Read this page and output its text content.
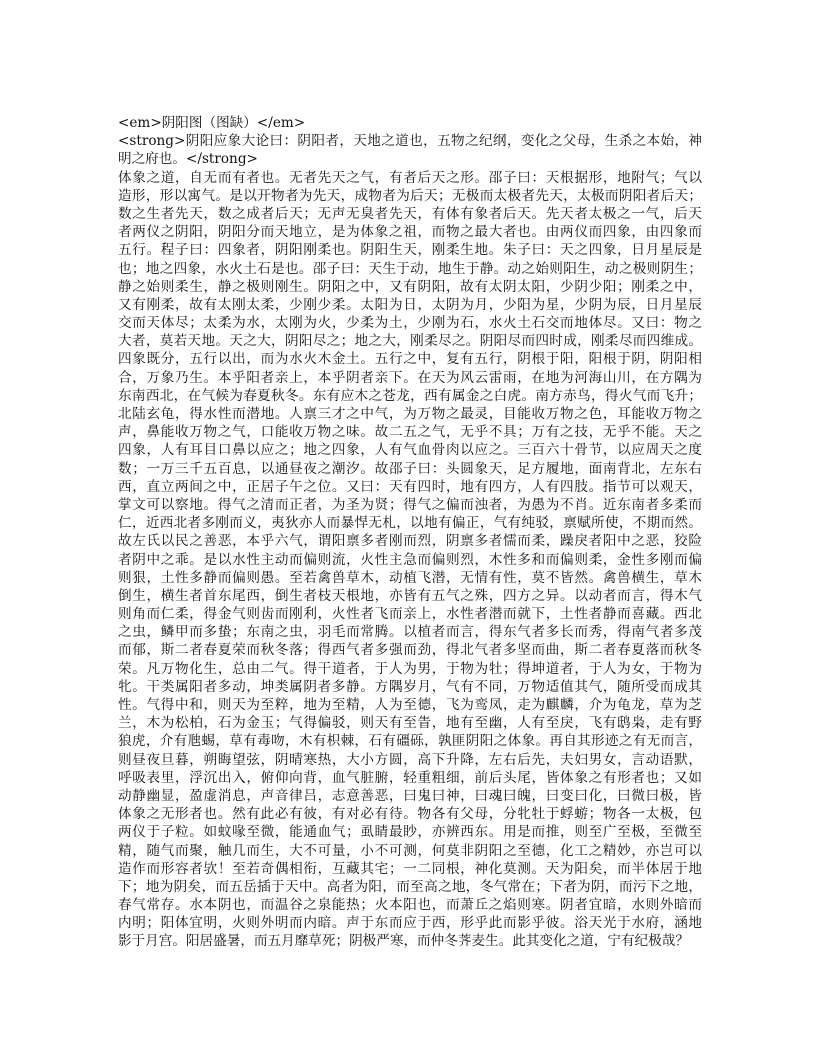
<em>阴阳图（图缺）</em>
<strong>阴阳应象大论曰：阴阳者，天地之道也，五物之纪纲，变化之父母，生杀之本始，神
明之府也。</strong>
体象之道，自无而有者也。无者先天之气，有者后天之形。邵子曰：天根据形，地附气；气以
造形，形以寓气。是以开物者为先天，成物者为后天；无极而太极者先天，太极而阴阳者后天；
数之生者先天，数之成者后天；无声无臭者先天，有体有象者后天。先天者太极之一气，后天
者两仪之阴阳，阴阳分而天地立，是为体象之祖，而物之最大者也。由两仪而四象，由四象而
五行。程子曰：四象者，阴阳刚柔也。阴阳生天，刚柔生地。朱子曰：天之四象，日月星辰是
也；地之四象，水火土石是也。邵子曰：天生于动，地生于静。动之始则阳生，动之极则阴生；
静之始则柔生，静之极则刚生。阴阳之中，又有阴阳，故有太阴太阳，少阴少阳；刚柔之中，
又有刚柔，故有太刚太柔，少刚少柔。太阳为日，太阴为月，少阳为星，少阴为辰，日月星辰
交而天体尽；太柔为水，太刚为火，少柔为土，少刚为石，水火土石交而地体尽。又曰：物之
大者，莫若天地。天之大，阴阳尽之；地之大，刚柔尽之。阴阳尽而四时成，刚柔尽而四维成。
四象既分，五行以出，而为水火木金土。五行之中，复有五行，阴根于阳，阳根于阴，阴阳相
合，万象乃生。本乎阳者亲上，本乎阴者亲下。在天为风云雷雨，在地为河海山川，在方隅为
东南西北，在气候为春夏秋冬。东有应木之苍龙，西有属金之白虎。南方赤鸟，得火气而飞升；
北陆玄龟，得水性而潜地。人禀三才之中气，为万物之最灵，目能收万物之色，耳能收万物之
声，鼻能收万物之气，口能收万物之味。故二五之气，无乎不具；万有之技，无乎不能。天之
四象，人有耳目口鼻以应之；地之四象，人有气血骨肉以应之。三百六十骨节，以应周天之度
数；一万三千五百息，以通昼夜之潮汐。故邵子曰：头圆象天，足方履地，面南背北，左东右
西，直立两间之中，正居子午之位。又曰：天有四时，地有四方，人有四肢。指节可以观天，
掌文可以察地。得气之清而正者，为圣为贤；得气之偏而浊者，为愚为不肖。近东南者多柔而
仁，近西北者多刚而义，夷狄亦人而暴悍无札，以地有偏正，气有纯驳，禀赋所使，不期而然。
故左氏以民之善恶，本乎六气，谓阳禀多者刚而烈，阴禀多者懦而柔，躁戾者阳中之恶，狡险
者阴中之乖。是以水性主动而偏则流，火性主急而偏则烈，木性多和而偏则柔，金性多刚而偏
则狠，土性多静而偏则愚。至若禽兽草木，动植飞潜，无情有性，莫不皆然。禽兽横生，草木
倒生，横生者首东尾西，倒生者枝天根地，亦皆有五气之殊，四方之异。以动者而言，得木气
则角而仁柔，得金气则齿而刚利，火性者飞而亲上，水性者潜而就下，土性者静而喜藏。西北
之虫，鳞甲而多蛰；东南之虫，羽毛而常腾。以植者而言，得东气者多长而秀，得南气者多茂
而郁，斯二者春夏荣而秋冬落；得西气者多强而劲，得北气者多坚而曲，斯二者春夏落而秋冬
荣。凡万物化生，总由二气。得干道者，于人为男，于物为牡；得坤道者，于人为女，于物为
牝。干类属阳者多动，坤类属阴者多静。方隅岁月，气有不同，万物适值其气，随所受而成其
性。气得中和，则天为至粹，地为至精，人为至德，飞为鸾凤，走为麒麟，介为龟龙，草为芝
兰，木为松柏，石为金玉；气得偏驳，则天有至眚，地有至幽，人有至戾，飞有鸱枭，走有野
狼虎，介有虺蜴，草有毒吻，木有枳棘，石有礓砾，孰匪阴阳之体象。再自其形迹之有无而言，
则昼夜旦暮，朔晦望弦，阴晴寒热，大小方圆，高下升降，左右后先，夫妇男女，言动语默，
呼吸表里，浮沉出入，俯仰向背，血气脏腑，轻重粗细，前后头尾，皆体象之有形者也；又如
动静幽显，盈虚消息，声音律吕，志意善恶，曰鬼曰神，曰魂曰魄，曰变曰化，曰微曰极，皆
体象之无形者也。然有此必有彼，有对必有待。物各有父母，分牝牡于蜉蝣；物各一太极，包
两仪于子粒。如蚊喙至微，能通血气；虱睛最眇，亦辨西东。用是而推，则至广至极，至微至
精，随气而聚，触几而生，大不可量，小不可测，何莫非阴阳之至德，化工之精妙，亦岂可以
造作而形容者欤！至若奇偶相衔，互藏其宅；一二同根，神化莫测。天为阳矣，而半体居于地
下；地为阴矣，而五岳插于天中。高者为阳，而至高之地，冬气常在；下者为阴，而污下之地，
春气常存。水本阴也，而温谷之泉能热；火本阳也，而萧丘之焰则寒。阴者宜暗，水则外暗而
内明；阳体宜明，火则外明而内暗。声于东而应于西，形乎此而影乎彼。浴天光于水府，涵地
影于月宫。阳居盛暑，而五月靡草死；阴极严寒，而仲冬荠麦生。此其变化之道，宁有纪极哉？
